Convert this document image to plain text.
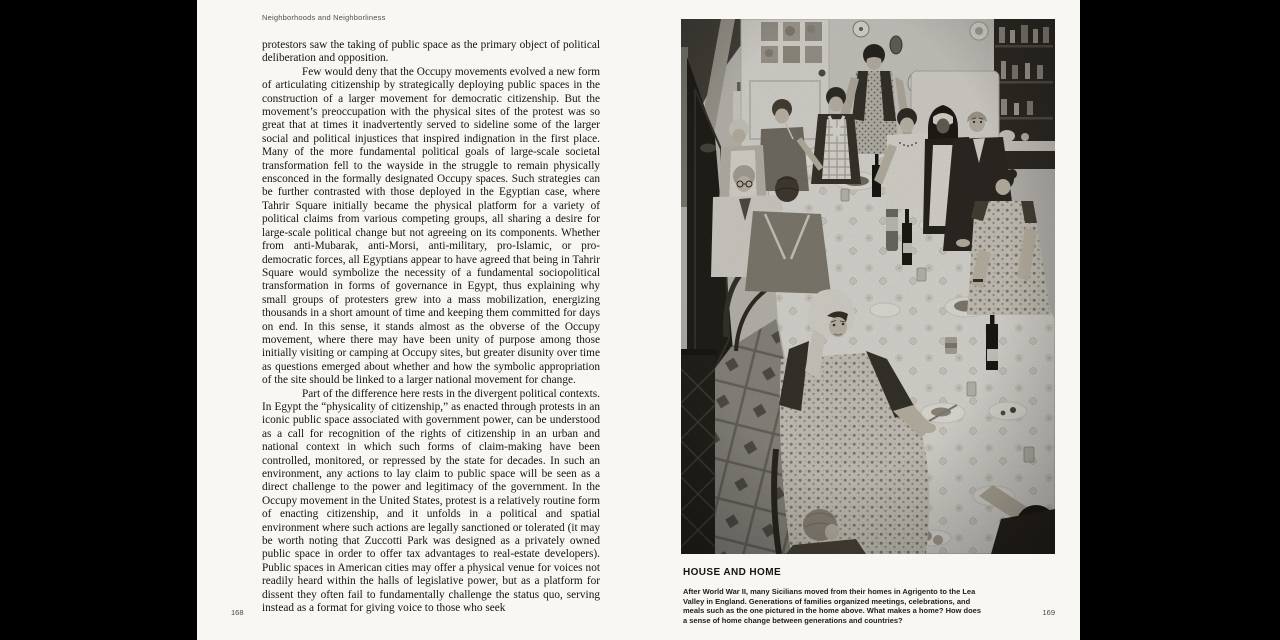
Neighborhoods and Neighborliness

protestors saw the taking of public space as the primary object of political deliberation and opposition.

Few would deny that the Occupy movements evolved a new form of articulating citizenship by strategically deploying public spaces in the construction of a larger movement for democratic citizenship. But the movement’s preoccupation with the physical sites of the protest was so great that at times it inadvertently served to sideline some of the larger social and political injustices that inspired indignation in the first place. Many of the more fundamental political goals of large-scale societal transformation fell to the wayside in the struggle to remain physically ensconced in the formally designated Occupy spaces. Such strategies can be further contrasted with those deployed in the Egyptian case, where Tahrir Square initially became the physical platform for a variety of political claims from various competing groups, all sharing a desire for large-scale political change but not agreeing on its components. Whether from anti-Mubarak, anti-Morsi, anti-military, pro-Islamic, or pro-democratic forces, all Egyptians appear to have agreed that being in Tahrir Square would symbolize the necessity of a fundamental sociopolitical transformation in forms of governance in Egypt, thus explaining why small groups of protesters grew into a mass mobilization, energizing thousands in a short amount of time and keeping them committed for days on end. In this sense, it stands almost as the obverse of the Occupy movement, where there may have been unity of purpose among those initially visiting or camping at Occupy sites, but greater disunity over time as questions emerged about whether and how the symbolic appropriation of the site should be linked to a larger national movement for change.

Part of the difference here rests in the divergent political contexts. In Egypt the “physicality of citizenship,” as enacted through protests in an iconic public space associated with government power, can be understood as a call for recognition of the rights of citizenship in an urban and national context in which such forms of claim-making have been controlled, monitored, or repressed by the state for decades. In such an environment, any actions to lay claim to public space will be seen as a direct challenge to the power and legitimacy of the government. In the Occupy movement in the United States, protest is a relatively routine form of enacting citizenship, and it unfolds in a political and spatial environment where such actions are legally sanctioned or tolerated (it may be worth noting that Zuccotti Park was designed as a privately owned public space in order to offer tax advantages to real-estate developers). Public spaces in American cities may offer a physical venue for voices not readily heard within the halls of legislative power, but as a platform for dissent they often fail to fundamentally challenge the status quo, serving instead as a format for giving voice to those who seek

168
HOUSE AND HOME
After World War II, many Sicilians moved from their homes in Agrigento to the Lea Valley in England. Generations of families organized meetings, celebrations, and meals such as the one pictured in the home above. What makes a home? How does a sense of home change between generations and countries?
169
